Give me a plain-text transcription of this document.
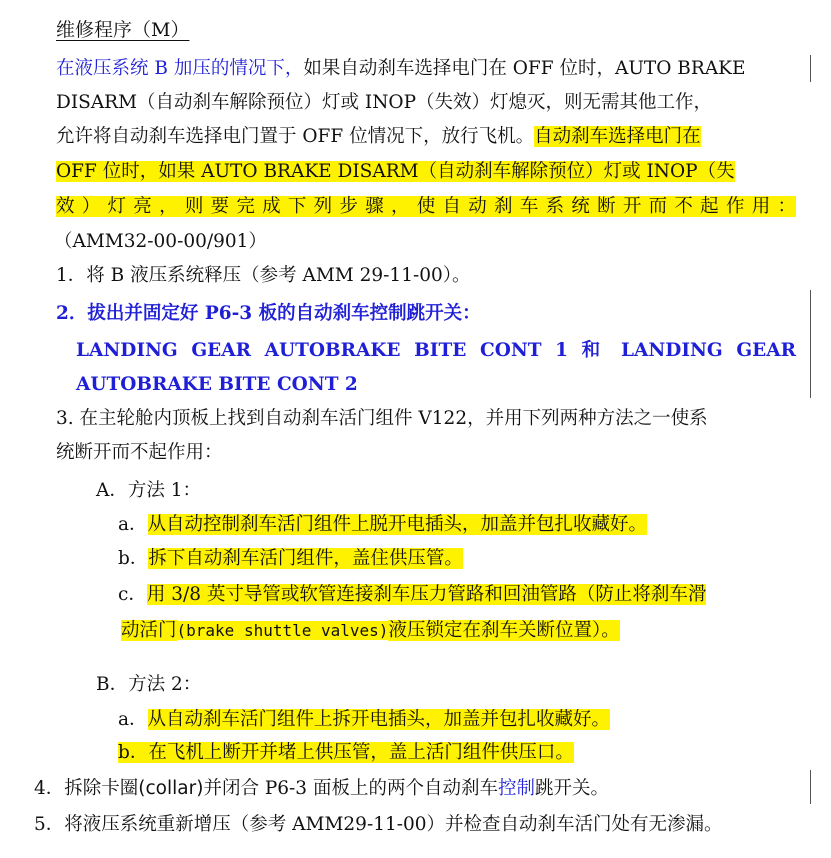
维修程序（M）
在液压系统 B 加压的情况下，如果自动刹车选择电门在 OFF 位时，AUTO BRAKE
DISARM（自动刹车解除预位）灯或 INOP（失效）灯熄灭，则无需其他工作，
允许将自动刹车选择电门置于 OFF 位情况下，放行飞机。自动刹车选择电门在
OFF 位时，如果 AUTO BRAKE DISARM（自动刹车解除预位）灯或 INOP（失
效）灯亮，则要完成下列步骤，使自动刹车系统断开而不起作用：
（AMM32-00-00/901）
1．将 B 液压系统释压（参考 AMM 29-11-00）。
2．拔出并固定好 P6-3 板的自动刹车控制跳开关：
LANDING GEAR AUTOBRAKE BITE CONT 1 和 LANDING GEAR
AUTOBRAKE BITE CONT 2
3. 在主轮舱内顶板上找到自动刹车活门组件 V122，并用下列两种方法之一使系
统断开而不起作用：
A．方法 1：
a．从自动控制刹车活门组件上脱开电插头，加盖并包扎收藏好。
b．拆下自动刹车活门组件，盖住供压管。
c．用 3/8 英寸导管或软管连接刹车压力管路和回油管路（防止将刹车滑
动活门(brake shuttle valves)液压锁定在刹车关断位置）。
B．方法 2：
a．从自动刹车活门组件上拆开电插头，加盖并包扎收藏好。
b．在飞机上断开并堵上供压管，盖上活门组件供压口。
4．拆除卡圈(collar)并闭合 P6-3 面板上的两个自动刹车控制跳开关。
5．将液压系统重新增压（参考 AMM29-11-00）并检查自动刹车活门处有无渗漏。
